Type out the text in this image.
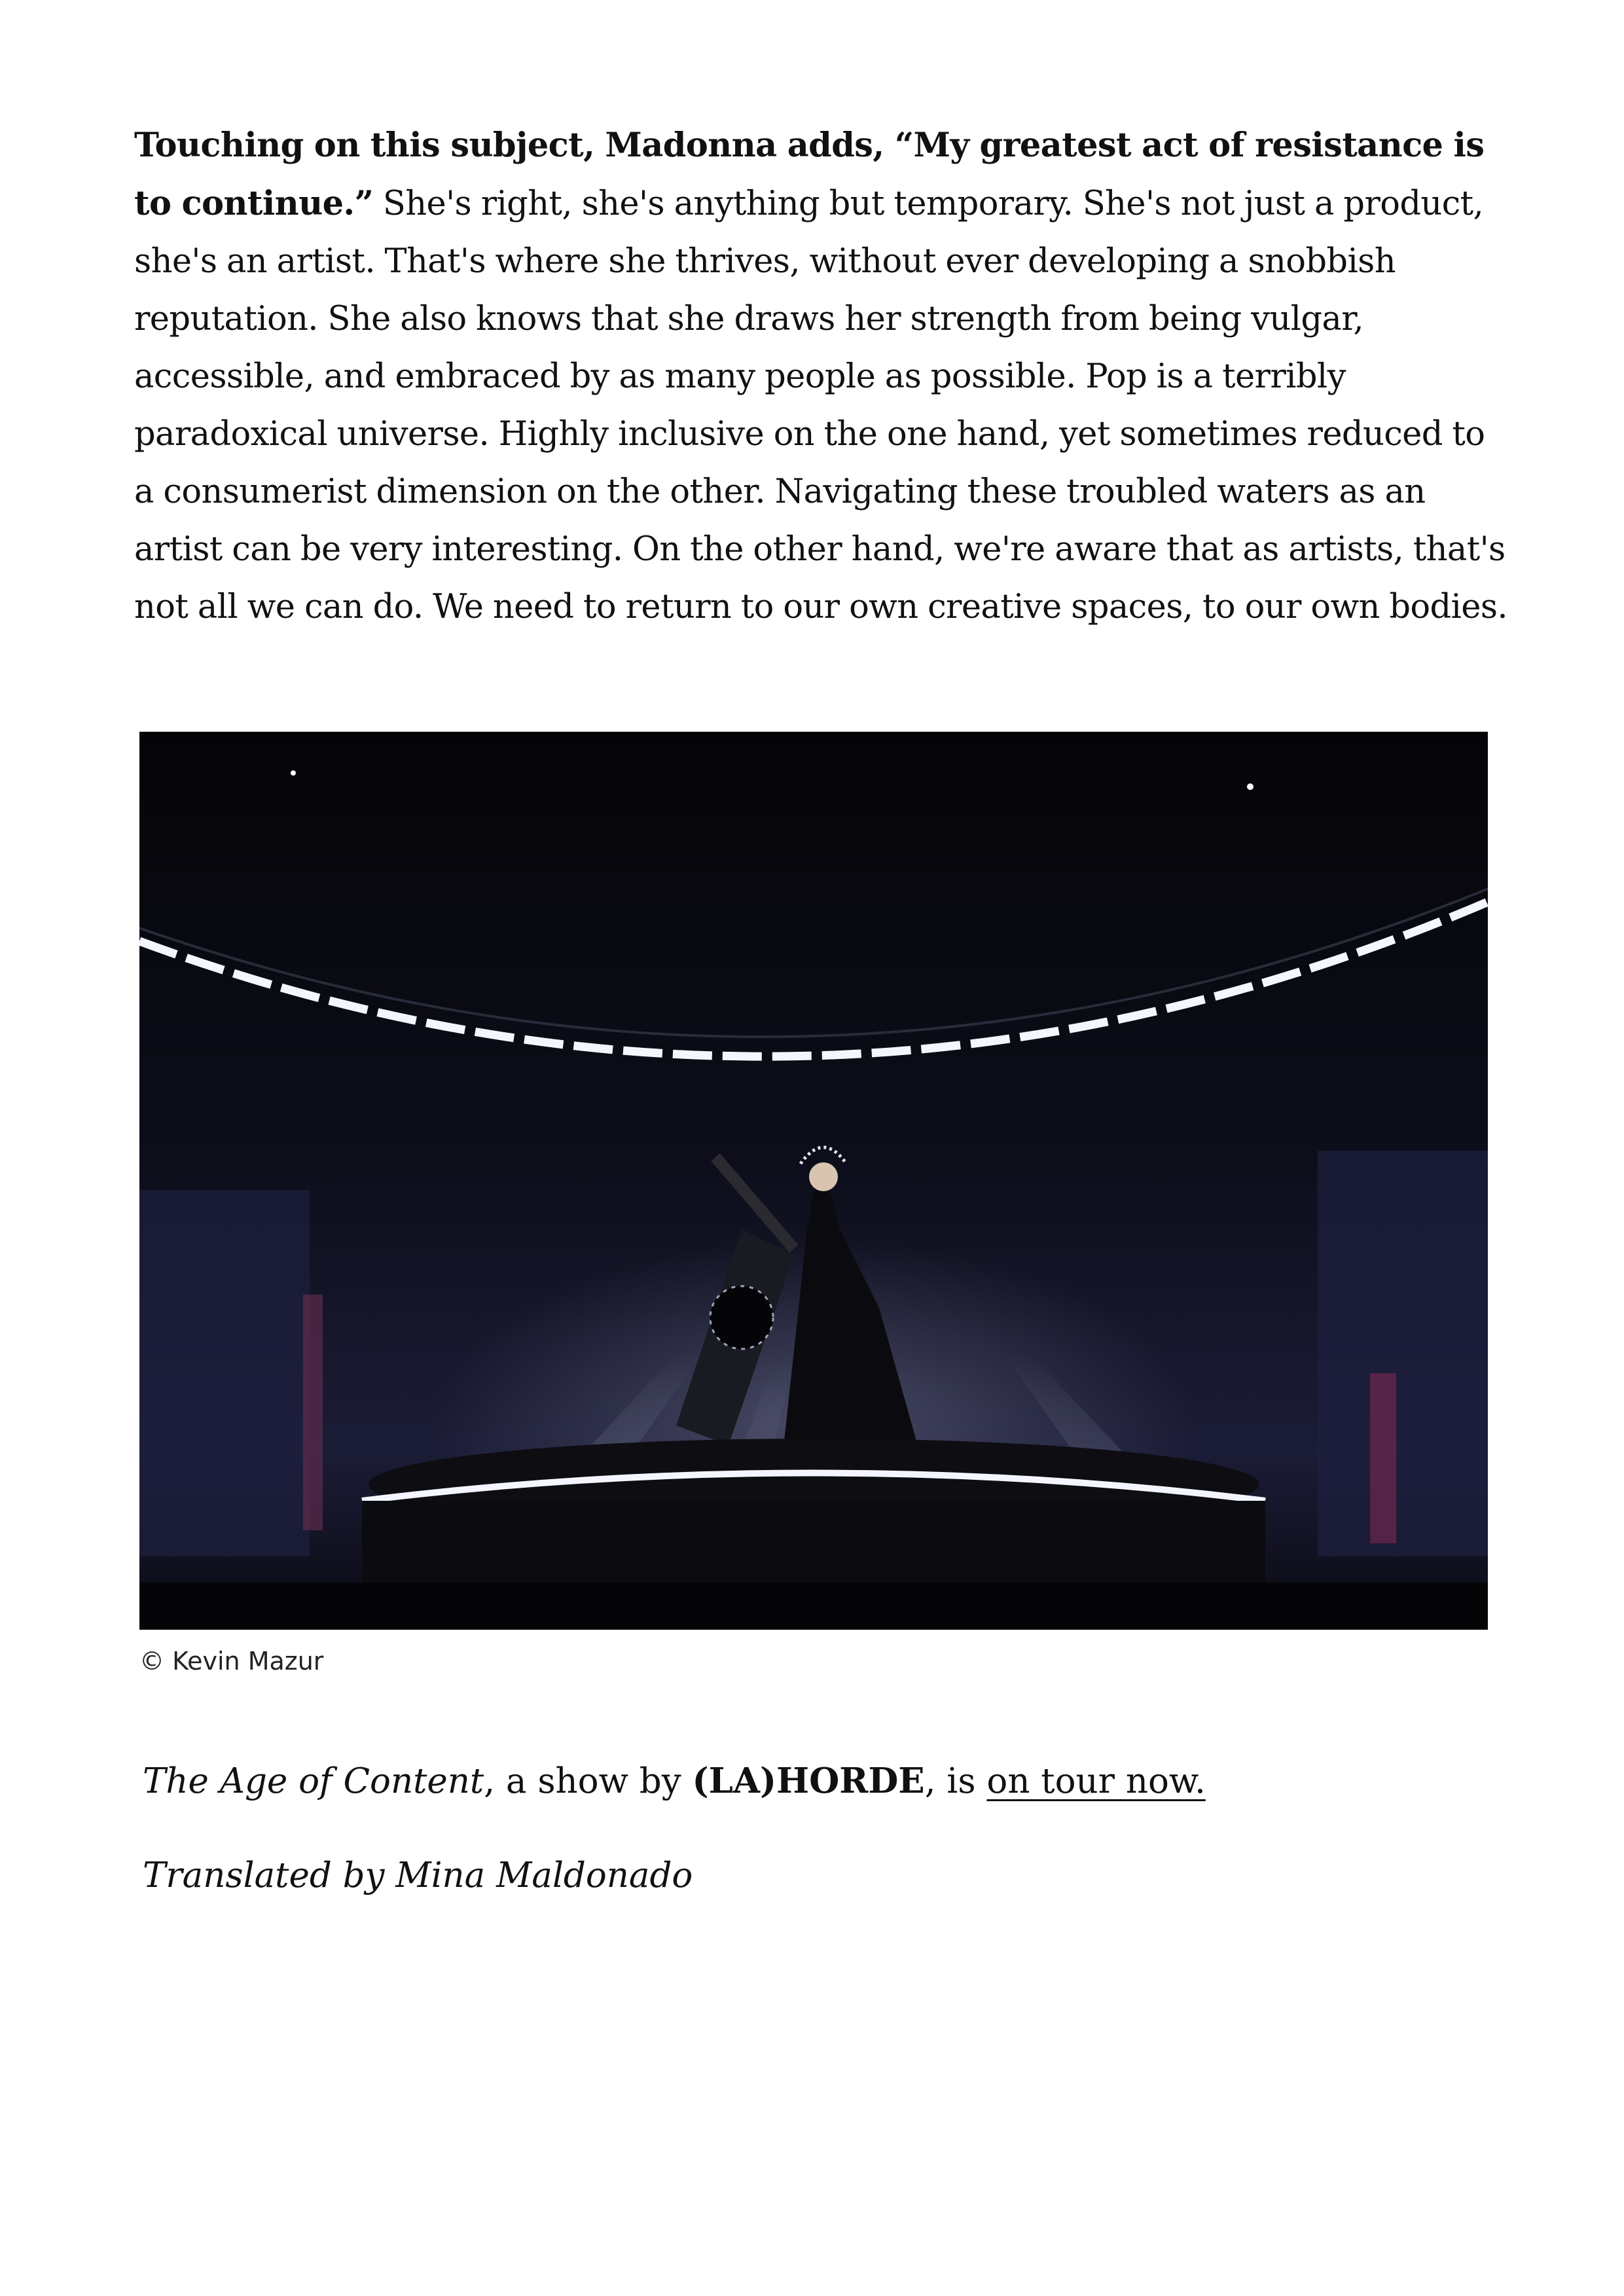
Touching on this subject, Madonna adds, “My greatest act of resistance is to continue.” She's right, she's anything but temporary. She's not just a product, she's an artist. That's where she thrives, without ever developing a snobbish reputation. She also knows that she draws her strength from being vulgar, accessible, and embraced by as many people as possible. Pop is a terribly paradoxical universe. Highly inclusive on the one hand, yet sometimes reduced to a consumerist dimension on the other. Navigating these troubled waters as an artist can be very interesting. On the other hand, we're aware that as artists, that's not all we can do. We need to return to our own creative spaces, to our own bodies.

© Kevin Mazur

The Age of Content, a show by (LA)HORDE, is on tour now.

Translated by Mina Maldonado
